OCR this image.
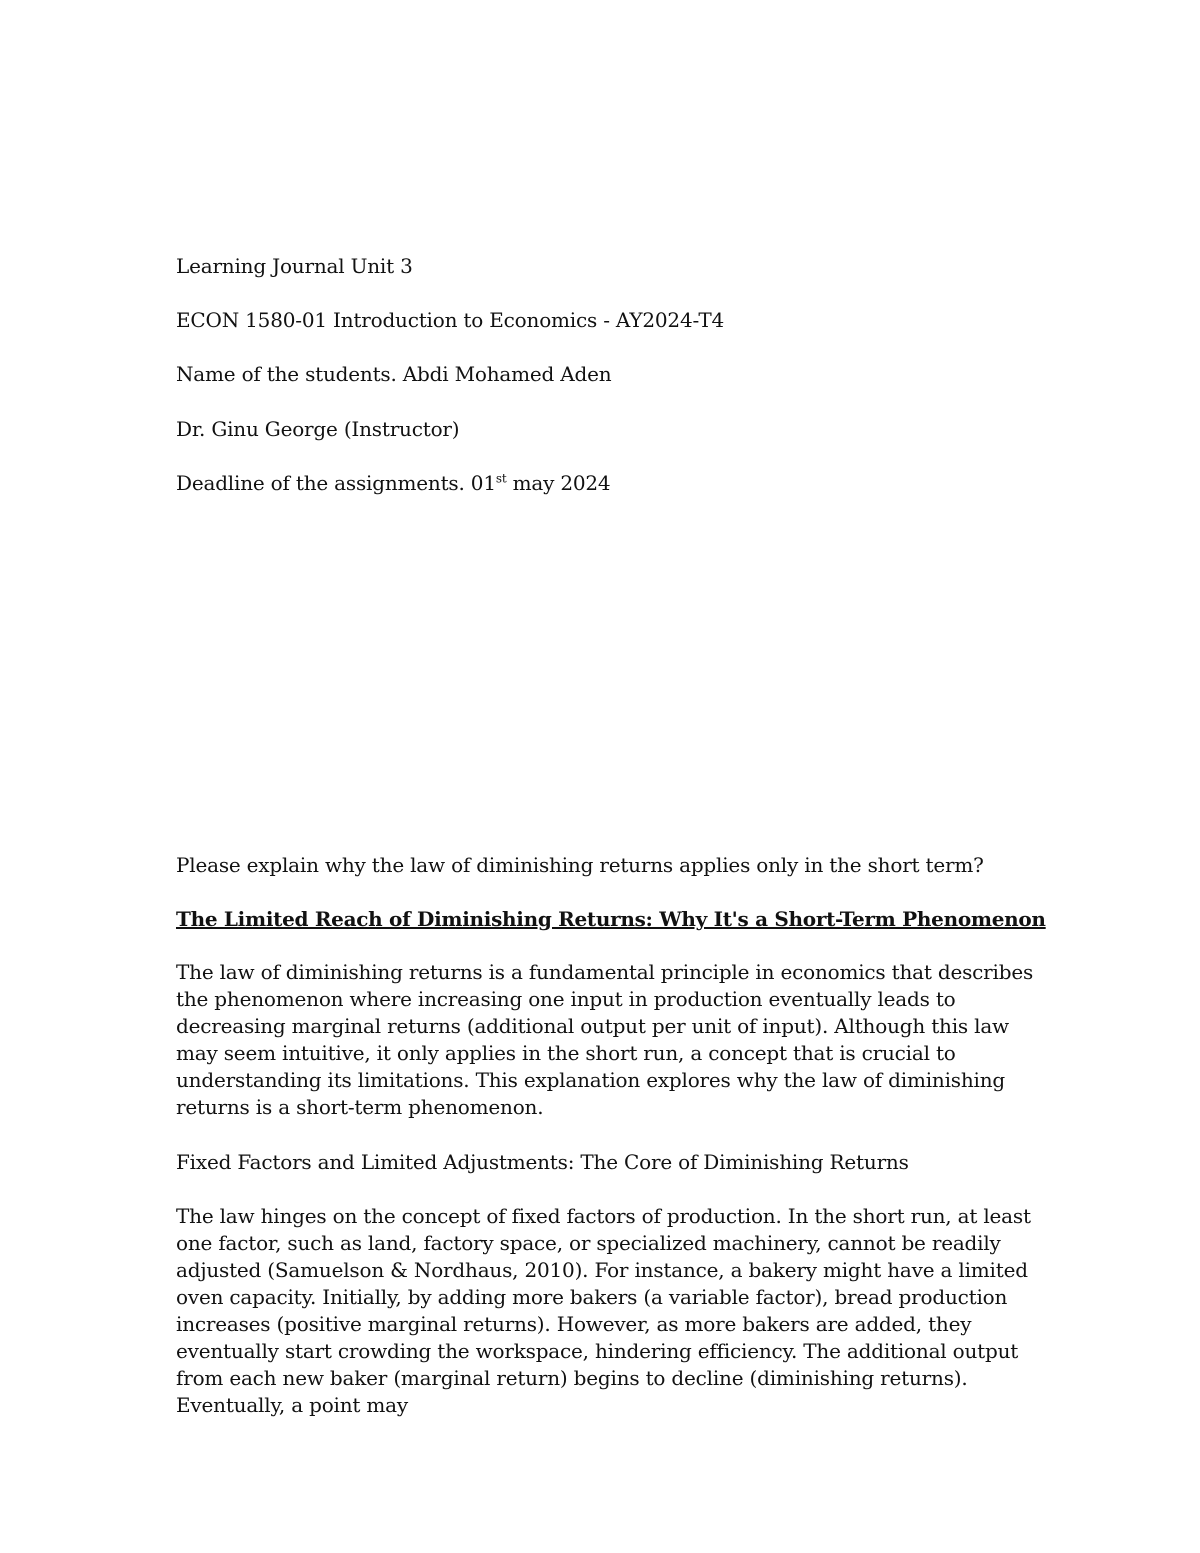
Learning Journal Unit 3
ECON 1580-01 Introduction to Economics - AY2024-T4
Name of the students. Abdi Mohamed Aden
Dr. Ginu George (Instructor)
Deadline of the assignments. 01st may 2024
Please explain why the law of diminishing returns applies only in the short term?
The Limited Reach of Diminishing Returns: Why It's a Short-Term Phenomenon

The law of diminishing returns is a fundamental principle in economics that describes the phenomenon where increasing one input in production eventually leads to decreasing marginal returns (additional output per unit of input). Although this law may seem intuitive, it only applies in the short run, a concept that is crucial to understanding its limitations. This explanation explores why the law of diminishing returns is a short-term phenomenon.

Fixed Factors and Limited Adjustments: The Core of Diminishing Returns

The law hinges on the concept of fixed factors of production. In the short run, at least one factor, such as land, factory space, or specialized machinery, cannot be readily adjusted (Samuelson & Nordhaus, 2010). For instance, a bakery might have a limited oven capacity. Initially, by adding more bakers (a variable factor), bread production increases (positive marginal returns). However, as more bakers are added, they eventually start crowding the workspace, hindering efficiency. The additional output from each new baker (marginal return) begins to decline (diminishing returns). Eventually, a point may
